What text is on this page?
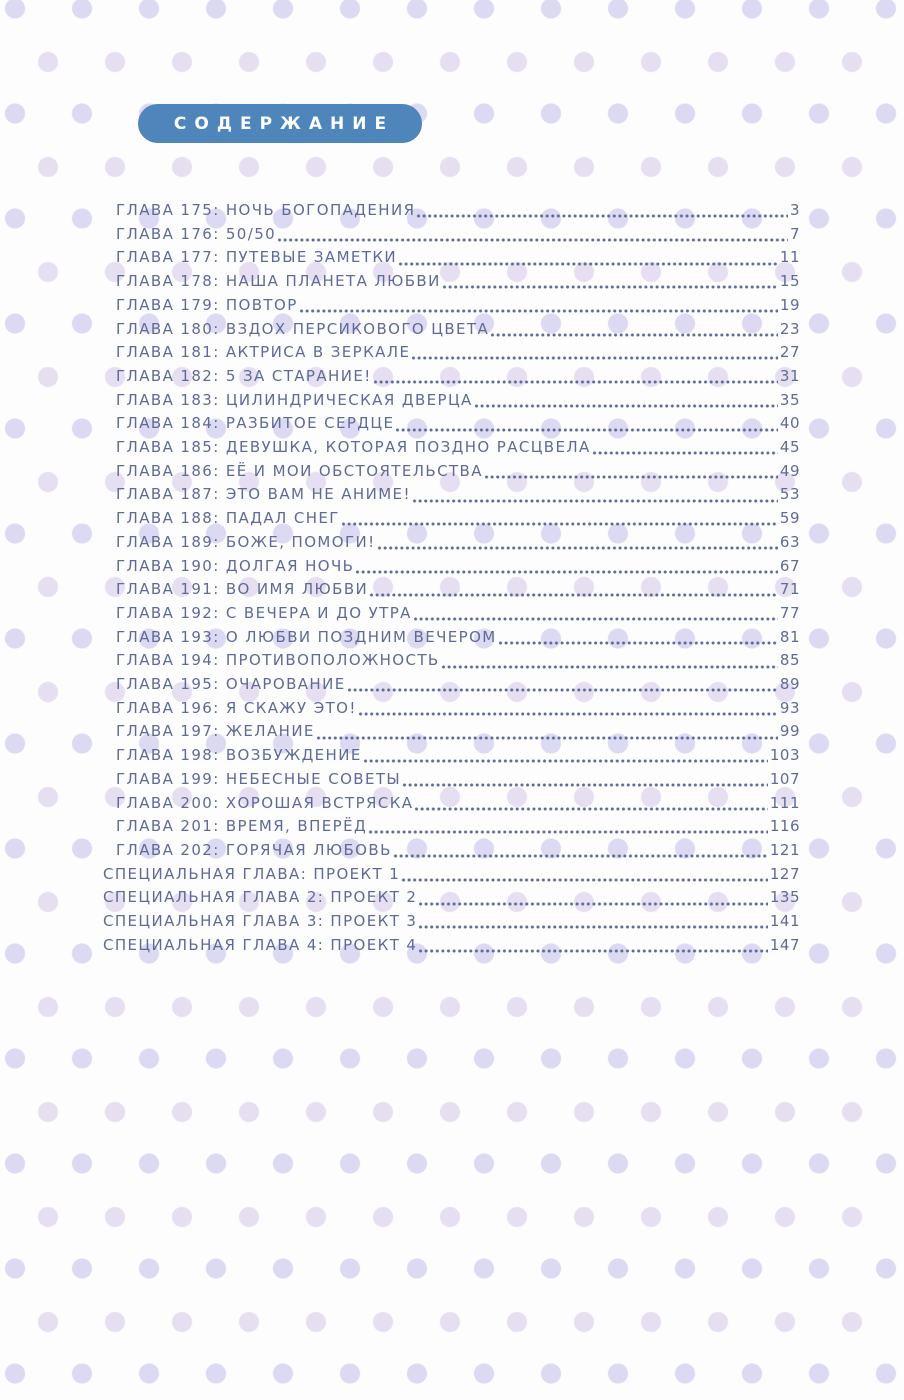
СОДЕРЖАНИЕ
ГЛАВА 175: НОЧЬ БОГОПАДЕНИЯ	3
ГЛАВА 176: 50/50	7
ГЛАВА 177: ПУТЕВЫЕ ЗАМЕТКИ	11
ГЛАВА 178: НАША ПЛАНЕТА ЛЮБВИ	15
ГЛАВА 179: ПОВТОР	19
ГЛАВА 180: ВЗДОХ ПЕРСИКОВОГО ЦВЕТА	23
ГЛАВА 181: АКТРИСА В ЗЕРКАЛЕ	27
ГЛАВА 182: 5 ЗА СТАРАНИЕ!	31
ГЛАВА 183: ЦИЛИНДРИЧЕСКАЯ ДВЕРЦА	35
ГЛАВА 184: РАЗБИТОЕ СЕРДЦЕ	40
ГЛАВА 185: ДЕВУШКА, КОТОРАЯ ПОЗДНО РАСЦВЕЛА	45
ГЛАВА 186: ЕЁ И МОИ ОБСТОЯТЕЛЬСТВА	49
ГЛАВА 187: ЭТО ВАМ НЕ АНИМЕ!	53
ГЛАВА 188: ПАДАЛ СНЕГ	59
ГЛАВА 189: БОЖЕ, ПОМОГИ!	63
ГЛАВА 190: ДОЛГАЯ НОЧЬ	67
ГЛАВА 191: ВО ИМЯ ЛЮБВИ	71
ГЛАВА 192: С ВЕЧЕРА И ДО УТРА	77
ГЛАВА 193: О ЛЮБВИ ПОЗДНИМ ВЕЧЕРОМ	81
ГЛАВА 194: ПРОТИВОПОЛОЖНОСТЬ	85
ГЛАВА 195: ОЧАРОВАНИЕ	89
ГЛАВА 196: Я СКАЖУ ЭТО!	93
ГЛАВА 197: ЖЕЛАНИЕ	99
ГЛАВА 198: ВОЗБУЖДЕНИЕ	103
ГЛАВА 199: НЕБЕСНЫЕ СОВЕТЫ	107
ГЛАВА 200: ХОРОШАЯ ВСТРЯСКА	111
ГЛАВА 201: ВРЕМЯ, ВПЕРЁД	116
ГЛАВА 202: ГОРЯЧАЯ ЛЮБОВЬ	121
СПЕЦИАЛЬНАЯ ГЛАВА: ПРОЕКТ 1	127
СПЕЦИАЛЬНАЯ ГЛАВА 2: ПРОЕКТ 2	135
СПЕЦИАЛЬНАЯ ГЛАВА 3: ПРОЕКТ 3	141
СПЕЦИАЛЬНАЯ ГЛАВА 4: ПРОЕКТ 4	147
